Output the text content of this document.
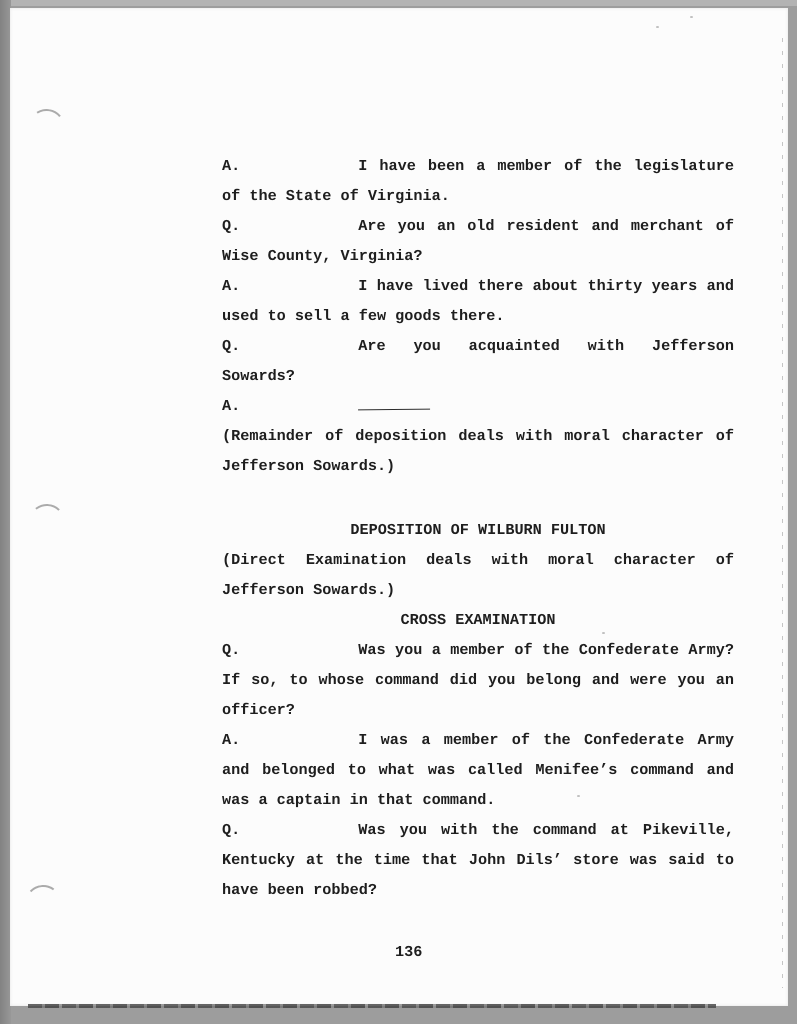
A.	I have been a member of the legislature
of the State of Virginia.
Q.	Are you an old resident and merchant of
Wise County, Virginia?
A.	I have lived there about thirty years and
used to sell a few goods there.
Q.	Are you acquainted with Jefferson
Sowards?
A.
(Remainder of deposition deals with moral character of
Jefferson Sowards.)
DEPOSITION OF WILBURN FULTON
(Direct Examination deals with moral character of
Jefferson Sowards.)
CROSS EXAMINATION
Q.	Was you a member of the Confederate Army?
If so, to whose command did you belong and were you an
officer?
A.	I was a member of the Confederate Army
and belonged to what was called Menifee’s command and
was a captain in that command.
Q.	Was you with the command at Pikeville,
Kentucky at the time that John Dils’ store was said to
have been robbed?
136
